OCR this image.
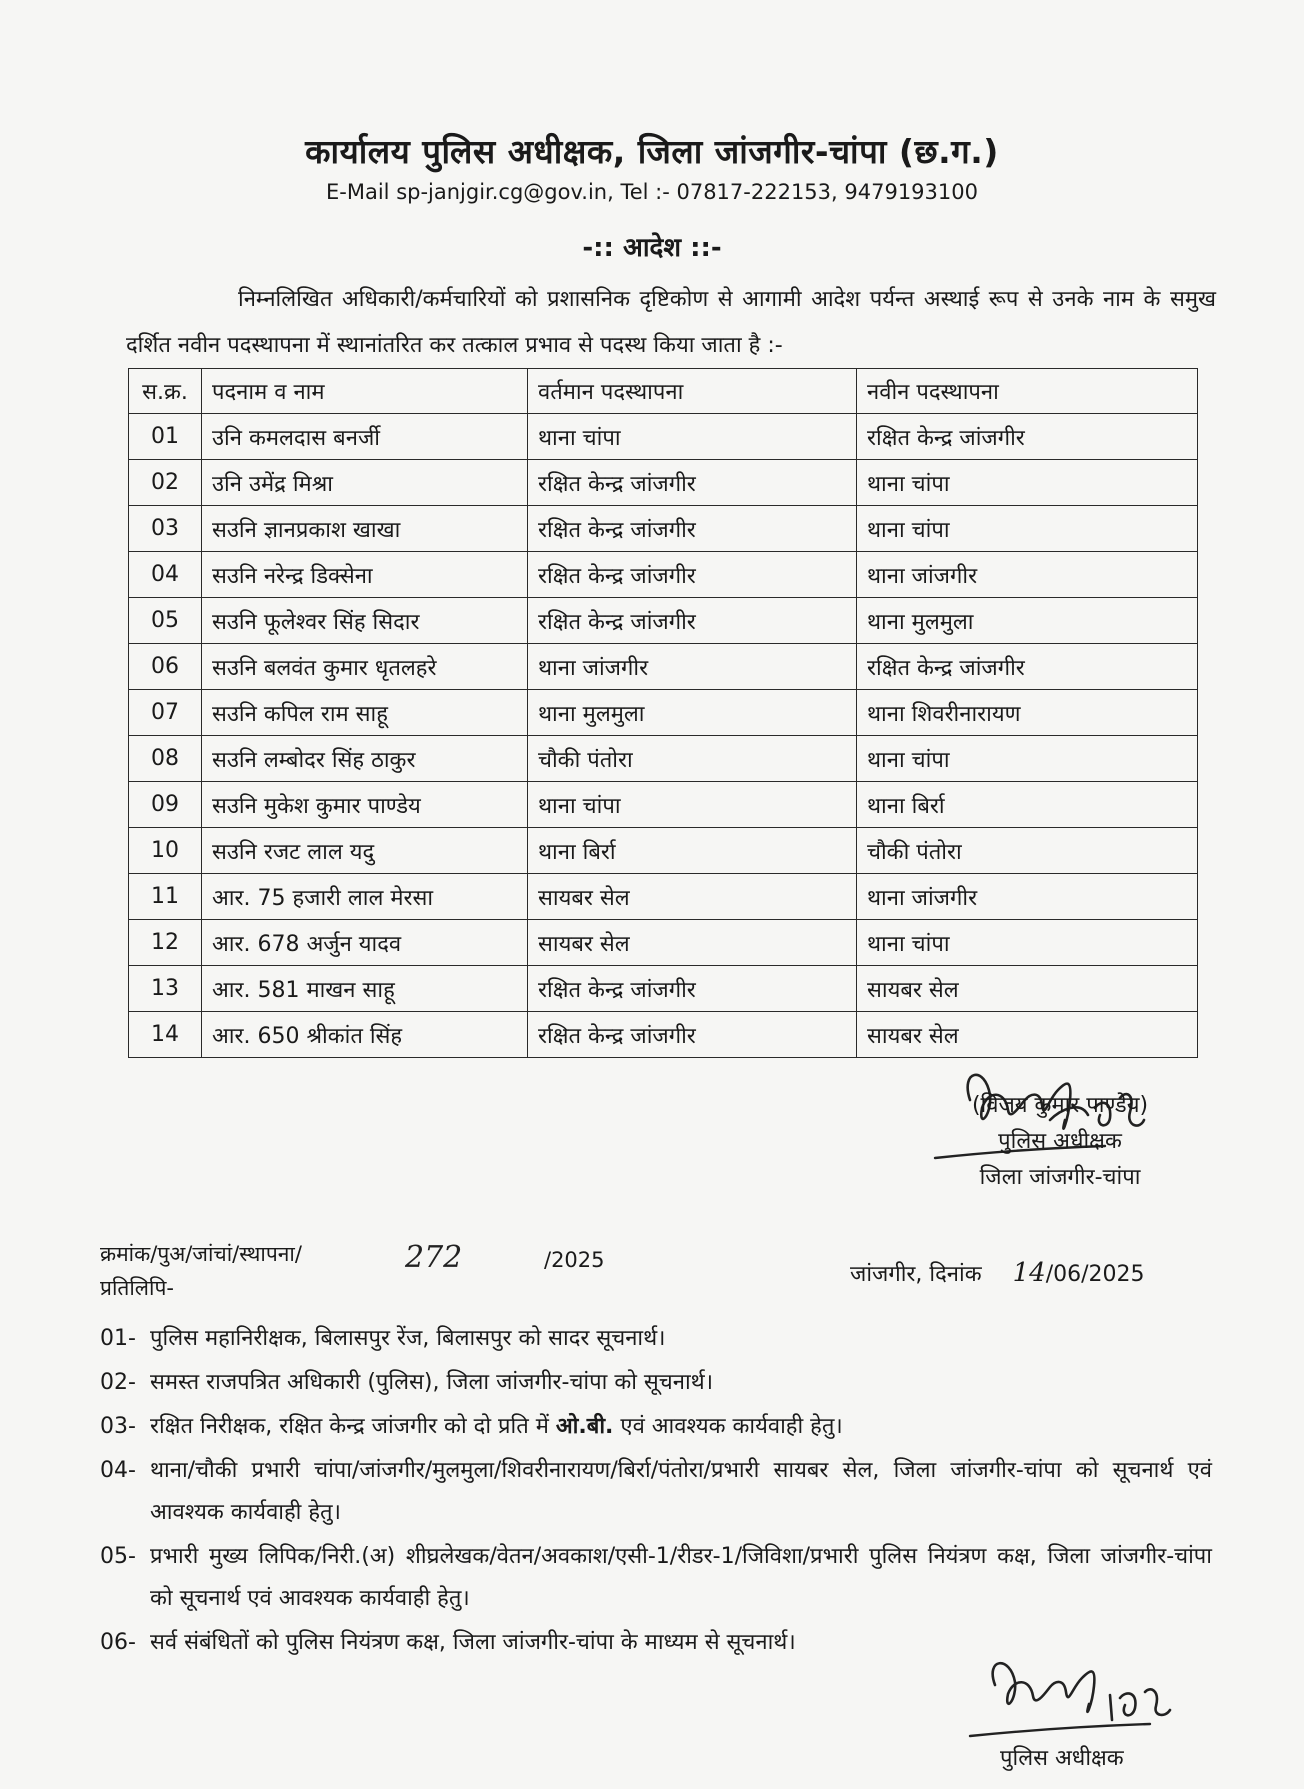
कार्यालय पुलिस अधीक्षक, जिला जांजगीर-चांपा (छ.ग.)
E-Mail sp-janjgir.cg@gov.in, Tel :- 07817-222153, 9479193100
-:: आदेश ::-
निम्नलिखित अधिकारी/कर्मचारियों को प्रशासनिक दृष्टिकोण से आगामी आदेश पर्यन्त अस्थाई रूप से उनके नाम के समुख दर्शित नवीन पदस्थापना में स्थानांतरित कर तत्काल प्रभाव से पदस्थ किया जाता है :-
स.क्र.	पदनाम व नाम	वर्तमान पदस्थापना	नवीन पदस्थापना
01	उनि कमलदास बनर्जी	थाना चांपा	रक्षित केन्द्र जांजगीर
02	उनि उमेंद्र मिश्रा	रक्षित केन्द्र जांजगीर	थाना चांपा
03	सउनि ज्ञानप्रकाश खाखा	रक्षित केन्द्र जांजगीर	थाना चांपा
04	सउनि नरेन्द्र डिक्सेना	रक्षित केन्द्र जांजगीर	थाना जांजगीर
05	सउनि फूलेश्वर सिंह सिदार	रक्षित केन्द्र जांजगीर	थाना मुलमुला
06	सउनि बलवंत कुमार धृतलहरे	थाना जांजगीर	रक्षित केन्द्र जांजगीर
07	सउनि कपिल राम साहू	थाना मुलमुला	थाना शिवरीनारायण
08	सउनि लम्बोदर सिंह ठाकुर	चौकी पंतोरा	थाना चांपा
09	सउनि मुकेश कुमार पाण्डेय	थाना चांपा	थाना बिर्रा
10	सउनि रजट लाल यदु	थाना बिर्रा	चौकी पंतोरा
11	आर. 75 हजारी लाल मेरसा	सायबर सेल	थाना जांजगीर
12	आर. 678 अर्जुन यादव	सायबर सेल	थाना चांपा
13	आर. 581 माखन साहू	रक्षित केन्द्र जांजगीर	सायबर सेल
14	आर. 650 श्रीकांत सिंह	रक्षित केन्द्र जांजगीर	सायबर सेल
(विजय कुमार पाण्डेय)
पुलिस अधीक्षक
जिला जांजगीर-चांपा
क्रमांक/पुअ/जांचां/स्थापना/	272	/2025
जांजगीर, दिनांक 14/06/2025
प्रतिलिपि-
01- पुलिस महानिरीक्षक, बिलासपुर रेंज, बिलासपुर को सादर सूचनार्थ।
02- समस्त राजपत्रित अधिकारी (पुलिस), जिला जांजगीर-चांपा को सूचनार्थ।
03- रक्षित निरीक्षक, रक्षित केन्द्र जांजगीर को दो प्रति में ओ.बी. एवं आवश्यक कार्यवाही हेतु।
04- थाना/चौकी प्रभारी चांपा/जांजगीर/मुलमुला/शिवरीनारायण/बिर्रा/पंतोरा/प्रभारी सायबर सेल, जिला जांजगीर-चांपा को सूचनार्थ एवं आवश्यक कार्यवाही हेतु।
05- प्रभारी मुख्य लिपिक/निरी.(अ) शीघ्रलेखक/वेतन/अवकाश/एसी-1/रीडर-1/जिविशा/प्रभारी पुलिस नियंत्रण कक्ष, जिला जांजगीर-चांपा को सूचनार्थ एवं आवश्यक कार्यवाही हेतु।
06- सर्व संबंधितों को पुलिस नियंत्रण कक्ष, जिला जांजगीर-चांपा के माध्यम से सूचनार्थ।
पुलिस अधीक्षक
